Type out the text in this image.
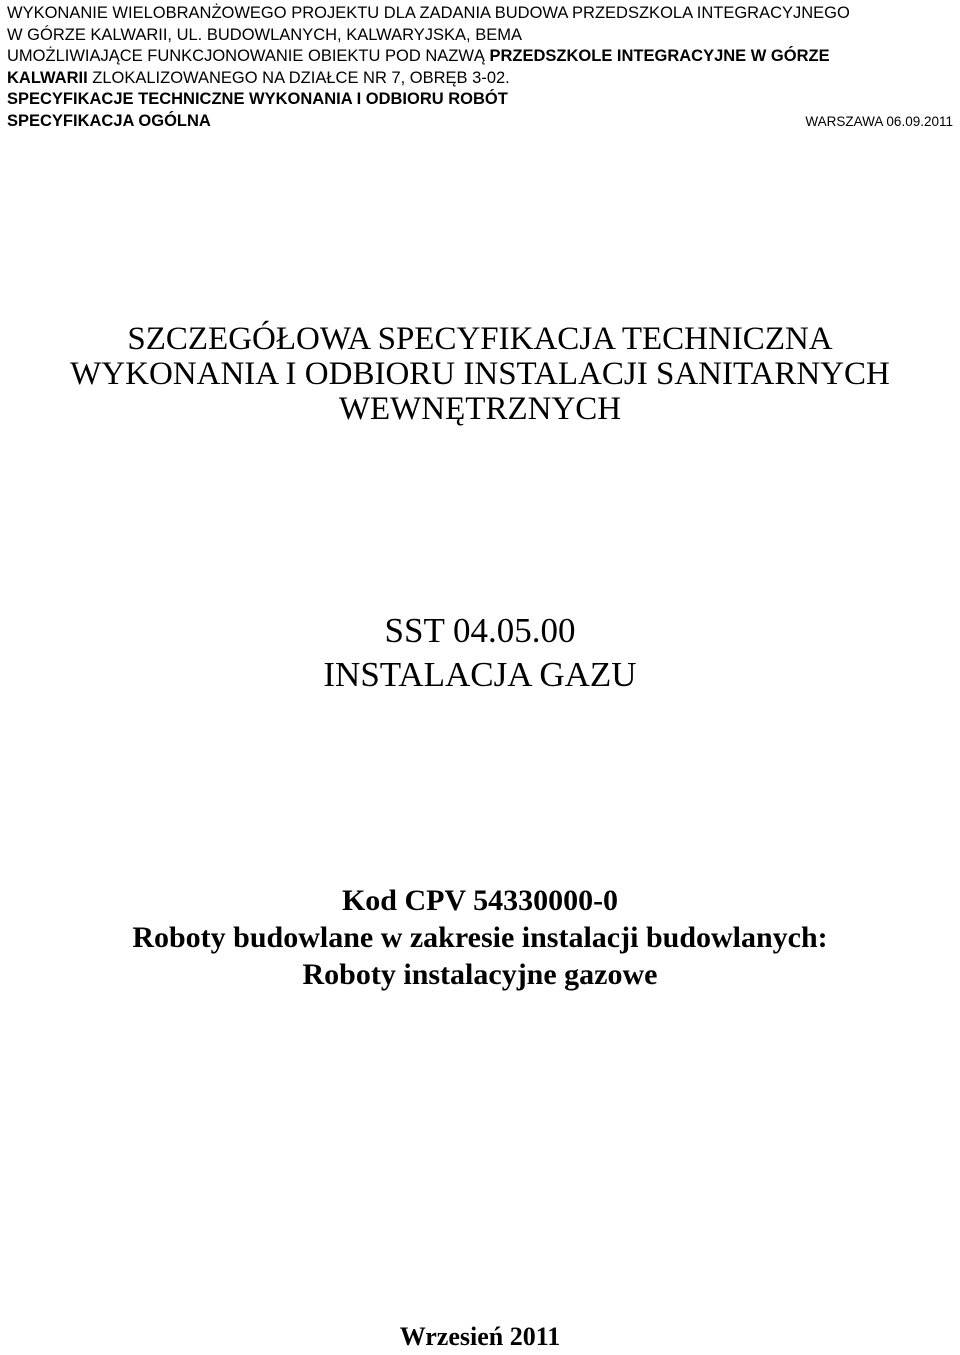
WYKONANIE WIELOBRANŻOWEGO PROJEKTU DLA ZADANIA BUDOWA PRZEDSZKOLA INTEGRACYJNEGO
W GÓRZE KALWARII, UL. BUDOWLANYCH, KALWARYJSKA, BEMA
UMOŻLIWIAJĄCE FUNKCJONOWANIE OBIEKTU POD NAZWĄ PRZEDSZKOLE INTEGRACYJNE W GÓRZE
KALWARII ZLOKALIZOWANEGO NA DZIAŁCE NR 7, OBRĘB 3-02.
SPECYFIKACJE TECHNICZNE WYKONANIA I ODBIORU ROBÓT
SPECYFIKACJA OGÓLNA	WARSZAWA 06.09.2011
SZCZEGÓŁOWA SPECYFIKACJA TECHNICZNA
WYKONANIA I ODBIORU INSTALACJI SANITARNYCH
WEWNĘTRZNYCH
SST 04.05.00
INSTALACJA GAZU
Kod CPV 54330000-0
Roboty budowlane w zakresie instalacji budowlanych:
Roboty instalacyjne gazowe
Wrzesień 2011
